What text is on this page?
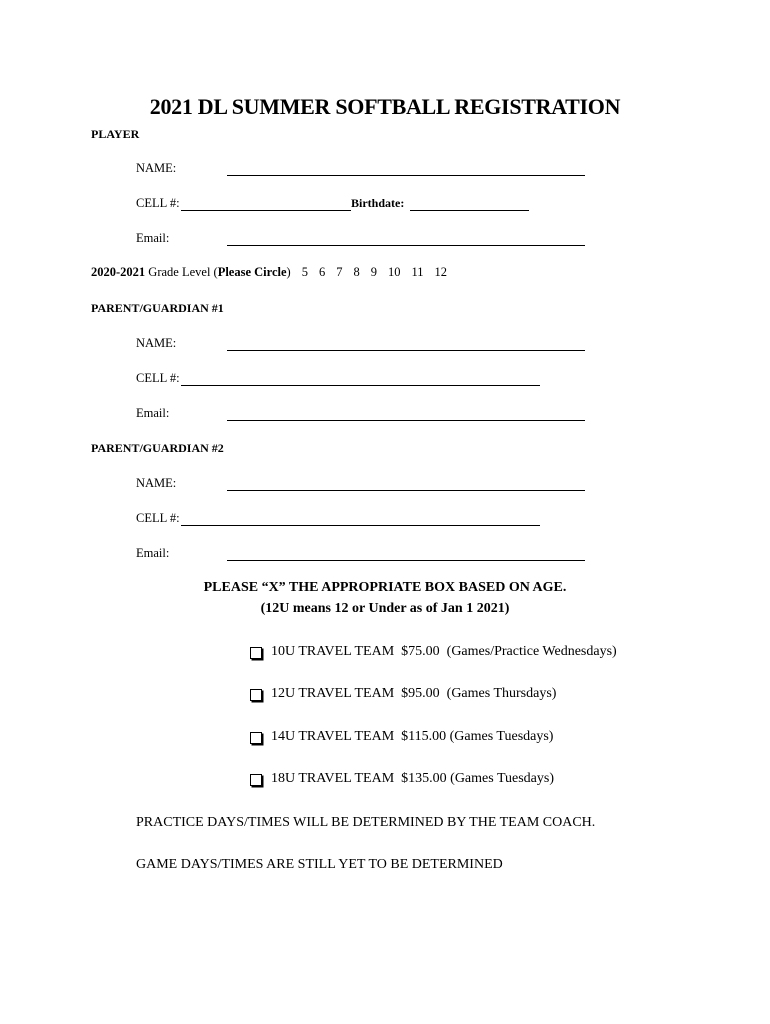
2021 DL SUMMER SOFTBALL REGISTRATION
PLAYER
NAME:
CELL #:	Birthdate:
Email:
2020-2021 Grade Level (Please Circle) 5 6 7 8 9 10 11 12
PARENT/GUARDIAN #1
NAME:
CELL #:
Email:
PARENT/GUARDIAN #2
NAME:
CELL #:
Email:
PLEASE “X” THE APPROPRIATE BOX BASED ON AGE.
(12U means 12 or Under as of Jan 1 2021)
10U TRAVEL TEAM  $75.00  (Games/Practice Wednesdays)
12U TRAVEL TEAM  $95.00  (Games Thursdays)
14U TRAVEL TEAM  $115.00 (Games Tuesdays)
18U TRAVEL TEAM  $135.00 (Games Tuesdays)
PRACTICE DAYS/TIMES WILL BE DETERMINED BY THE TEAM COACH.
GAME DAYS/TIMES ARE STILL YET TO BE DETERMINED
